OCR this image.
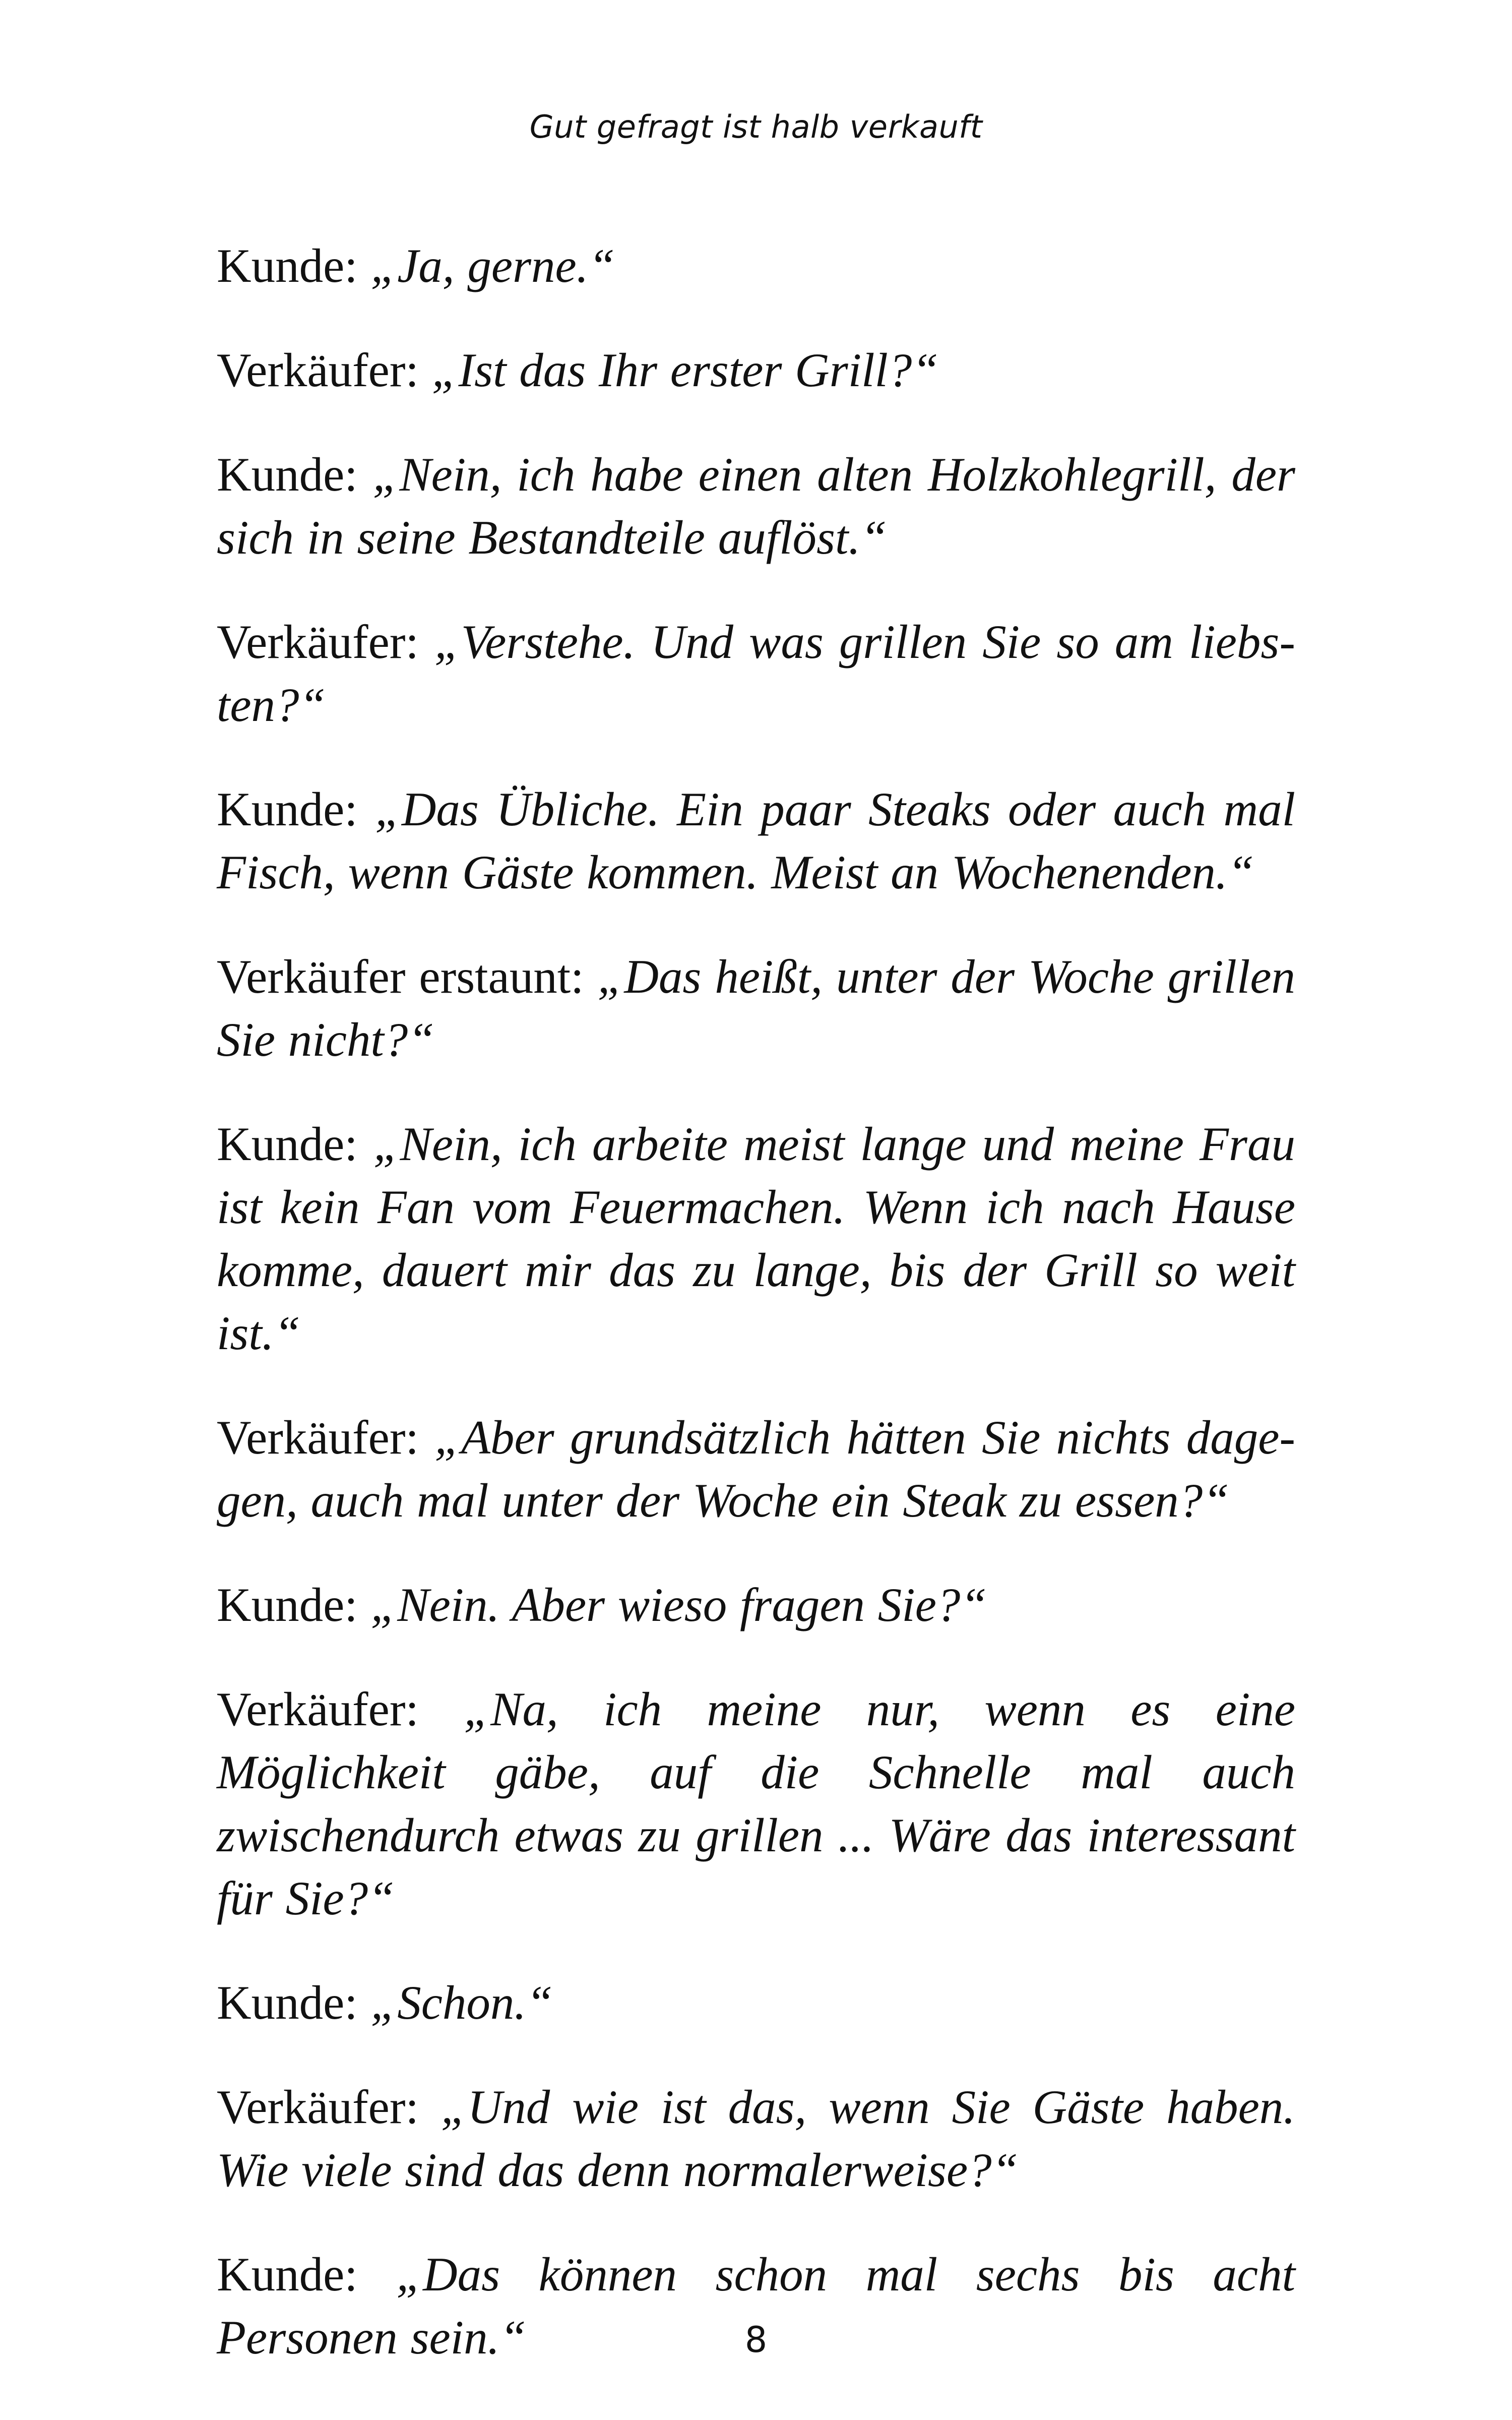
Gut gefragt ist halb verkauft

Kunde: „Ja, gerne.“

Verkäufer: „Ist das Ihr erster Grill?“

Kunde: „Nein, ich habe einen alten Holzkohlegrill, der sich in seine Bestandteile auflöst.“

Verkäufer: „Verstehe. Und was grillen Sie so am liebs-ten?“

Kunde: „Das Übliche. Ein paar Steaks oder auch mal Fisch, wenn Gäste kommen. Meist an Wochenenden.“

Verkäufer erstaunt: „Das heißt, unter der Woche grillen Sie nicht?“

Kunde: „Nein, ich arbeite meist lange und meine Frau ist kein Fan vom Feuermachen. Wenn ich nach Hause komme, dauert mir das zu lange, bis der Grill so weit ist.“

Verkäufer: „Aber grundsätzlich hätten Sie nichts dage-gen, auch mal unter der Woche ein Steak zu essen?“

Kunde: „Nein. Aber wieso fragen Sie?“

Verkäufer: „Na, ich meine nur, wenn es eine Möglichkeit gäbe, auf die Schnelle mal auch zwischendurch etwas zu grillen ... Wäre das interessant für Sie?“

Kunde: „Schon.“

Verkäufer: „Und wie ist das, wenn Sie Gäste haben. Wie viele sind das denn normalerweise?“

Kunde: „Das können schon mal sechs bis acht Personen sein.“	8
